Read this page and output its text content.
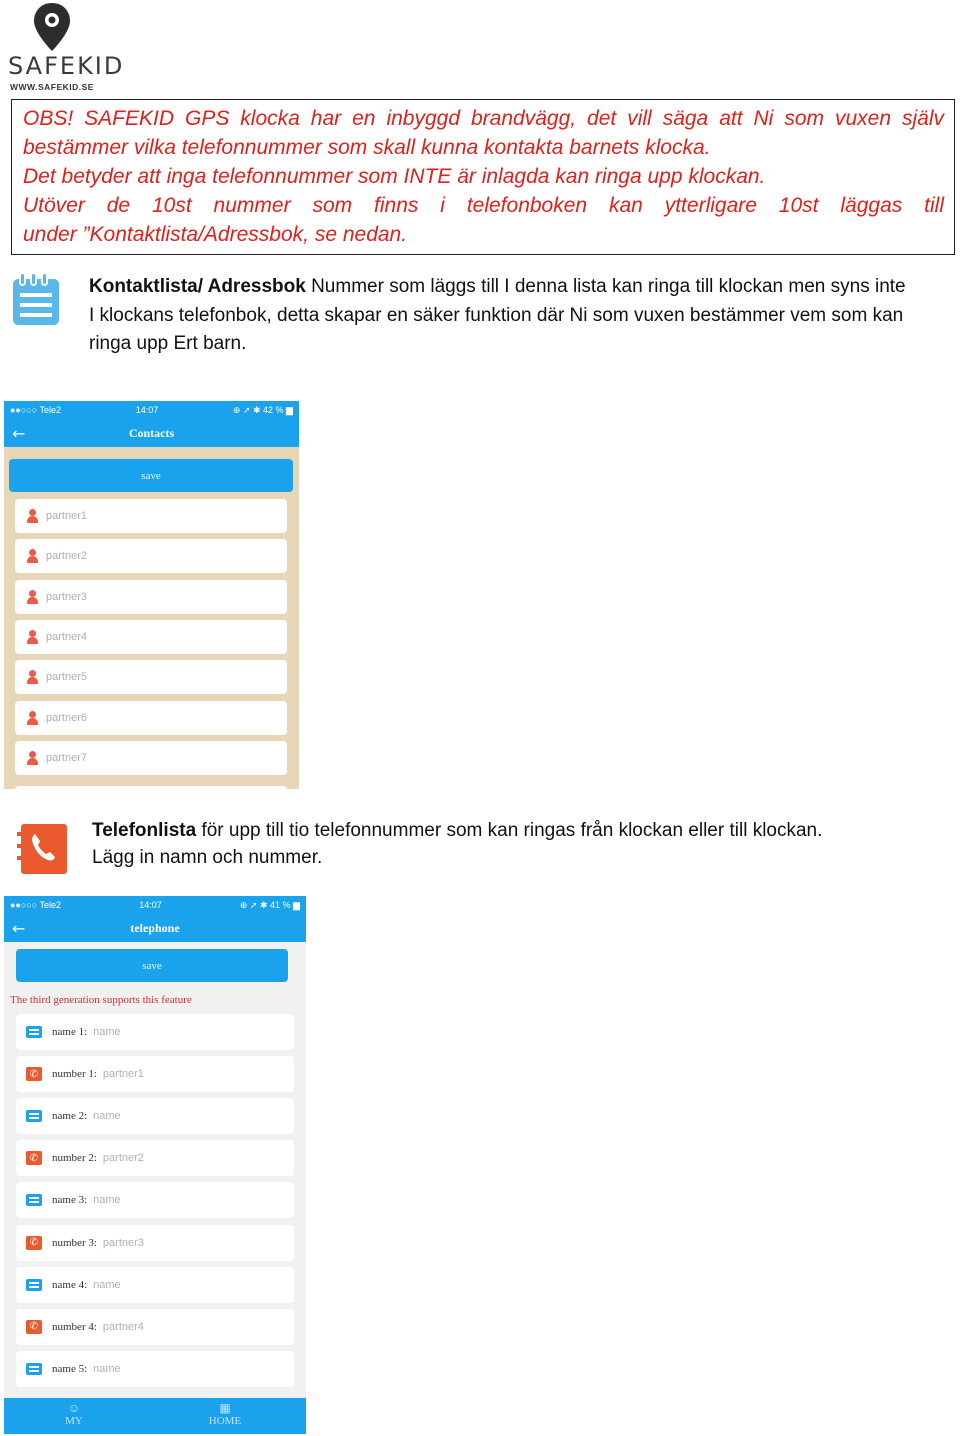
SAFEKID
WWW.SAFEKID.SE

OBS! SAFEKID GPS klocka har en inbyggd brandvägg, det vill säga att Ni som vuxen själv

bestämmer vilka telefonnummer som skall kunna kontakta barnets klocka.

Det betyder att inga telefonnummer som INTE är inlagda kan ringa upp klockan.

Utöver de 10st nummer som finns i telefonboken kan ytterligare 10st läggas till

under ”Kontaktlista/Adressbok, se nedan.

Kontaktlista/ Adressbok Nummer som läggs till I denna lista kan ringa till klockan men syns inte I klockans telefonbok, detta skapar en säker funktion där Ni som vuxen bestämmer vem som kan ringa upp Ert barn.
●●○○○ Tele2	14:07	⊕ ➚ ✱ 42 % ▆
←	Contacts
save
partner1
partner2
partner3
partner4
partner5
partner6
partner7
Telefonlista för upp till tio telefonnummer som kan ringas från klockan eller till klockan.
Lägg in namn och nummer.
●●○○○ Tele2	14:07	⊕ ➚ ✱ 41 % ▆
←	telephone
save
The third generation supports this feature
name 1: name
✆	number 1: partner1
name 2: name
✆	number 2: partner2
name 3: name
✆	number 3: partner3
name 4: name
✆	number 4: partner4
name 5: name
☺
MY
▦
HOME
